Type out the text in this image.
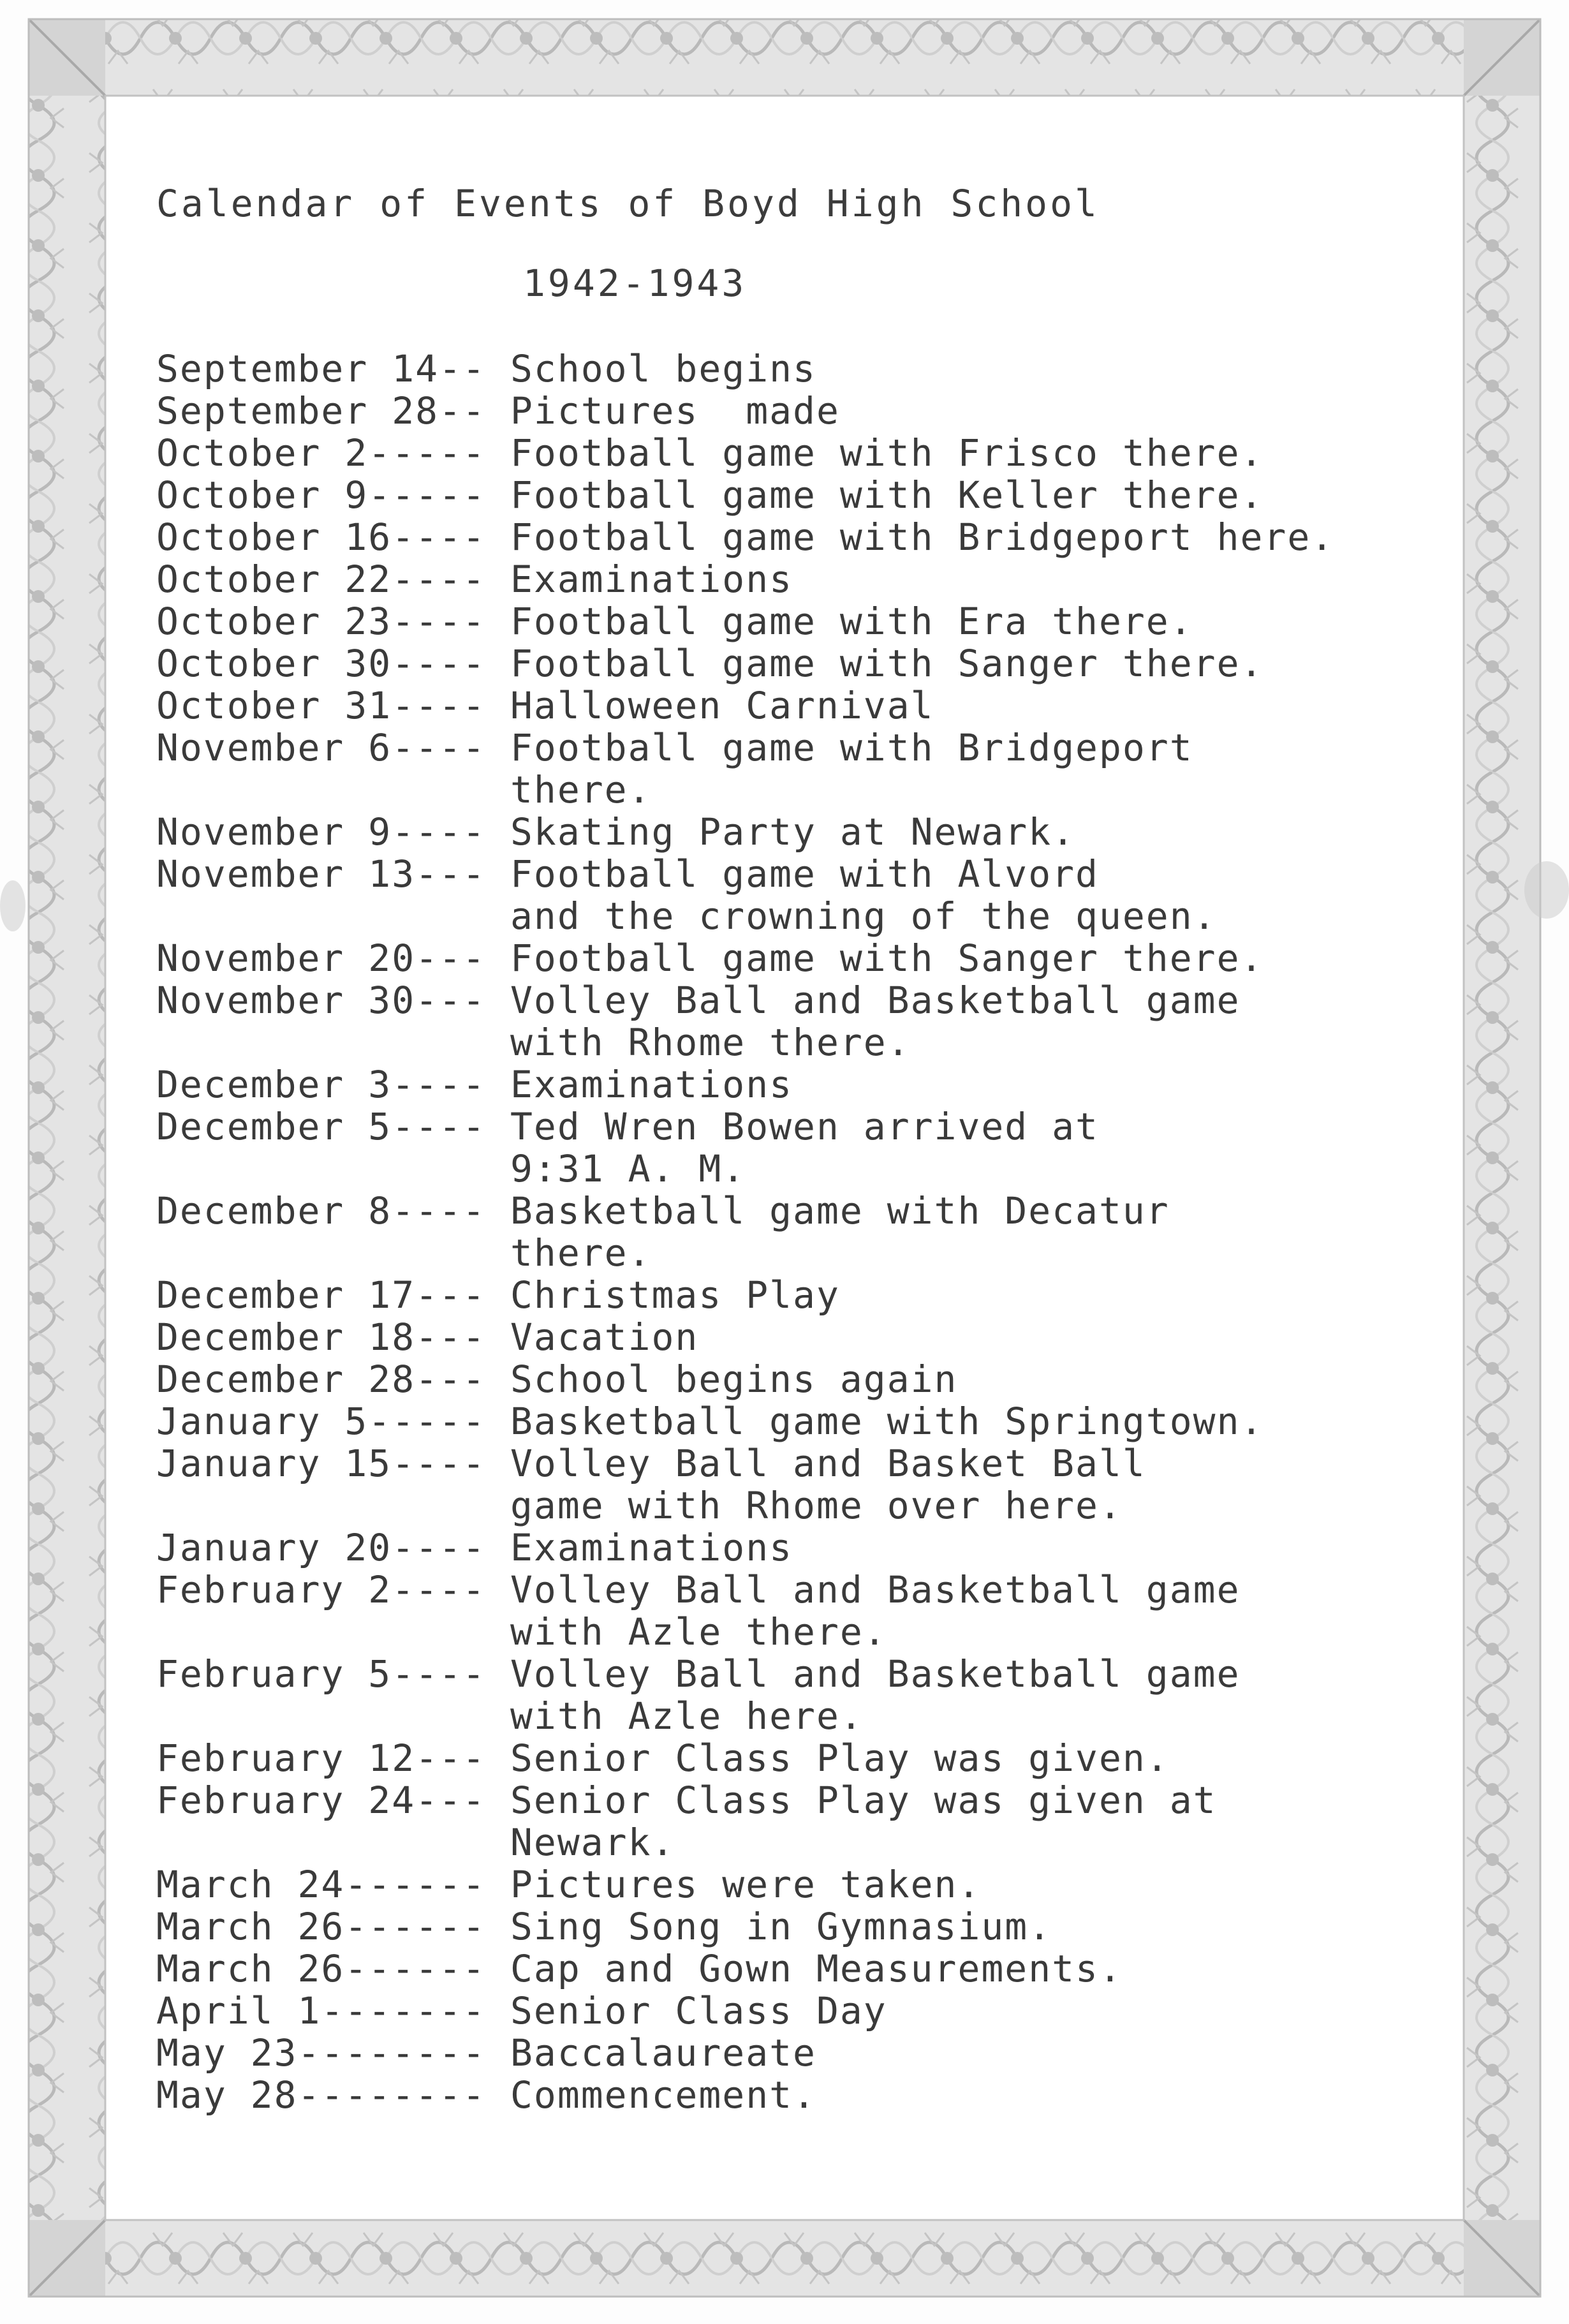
Calendar of Events of Boyd High School
1942-1943
September 14-- School begins
September 28-- Pictures  made
October 2----- Football game with Frisco there.
October 9----- Football game with Keller there.
October 16---- Football game with Bridgeport here.
October 22---- Examinations
October 23---- Football game with Era there.
October 30---- Football game with Sanger there.
October 31---- Halloween Carnival
November 6---- Football game with Bridgeport
there.
November 9---- Skating Party at Newark.
November 13--- Football game with Alvord
and the crowning of the queen.
November 20--- Football game with Sanger there.
November 30--- Volley Ball and Basketball game
with Rhome there.
December 3---- Examinations
December 5---- Ted Wren Bowen arrived at
9:31 A. M.
December 8---- Basketball game with Decatur
there.
December 17--- Christmas Play
December 18--- Vacation
December 28--- School begins again
January 5----- Basketball game with Springtown.
January 15---- Volley Ball and Basket Ball
game with Rhome over here.
January 20---- Examinations
February 2---- Volley Ball and Basketball game
with Azle there.
February 5---- Volley Ball and Basketball game
with Azle here.
February 12--- Senior Class Play was given.
February 24--- Senior Class Play was given at
Newark.
March 24------ Pictures were taken.
March 26------ Sing Song in Gymnasium.
March 26------ Cap and Gown Measurements.
April 1------- Senior Class Day
May 23-------- Baccalaureate
May 28-------- Commencement.
